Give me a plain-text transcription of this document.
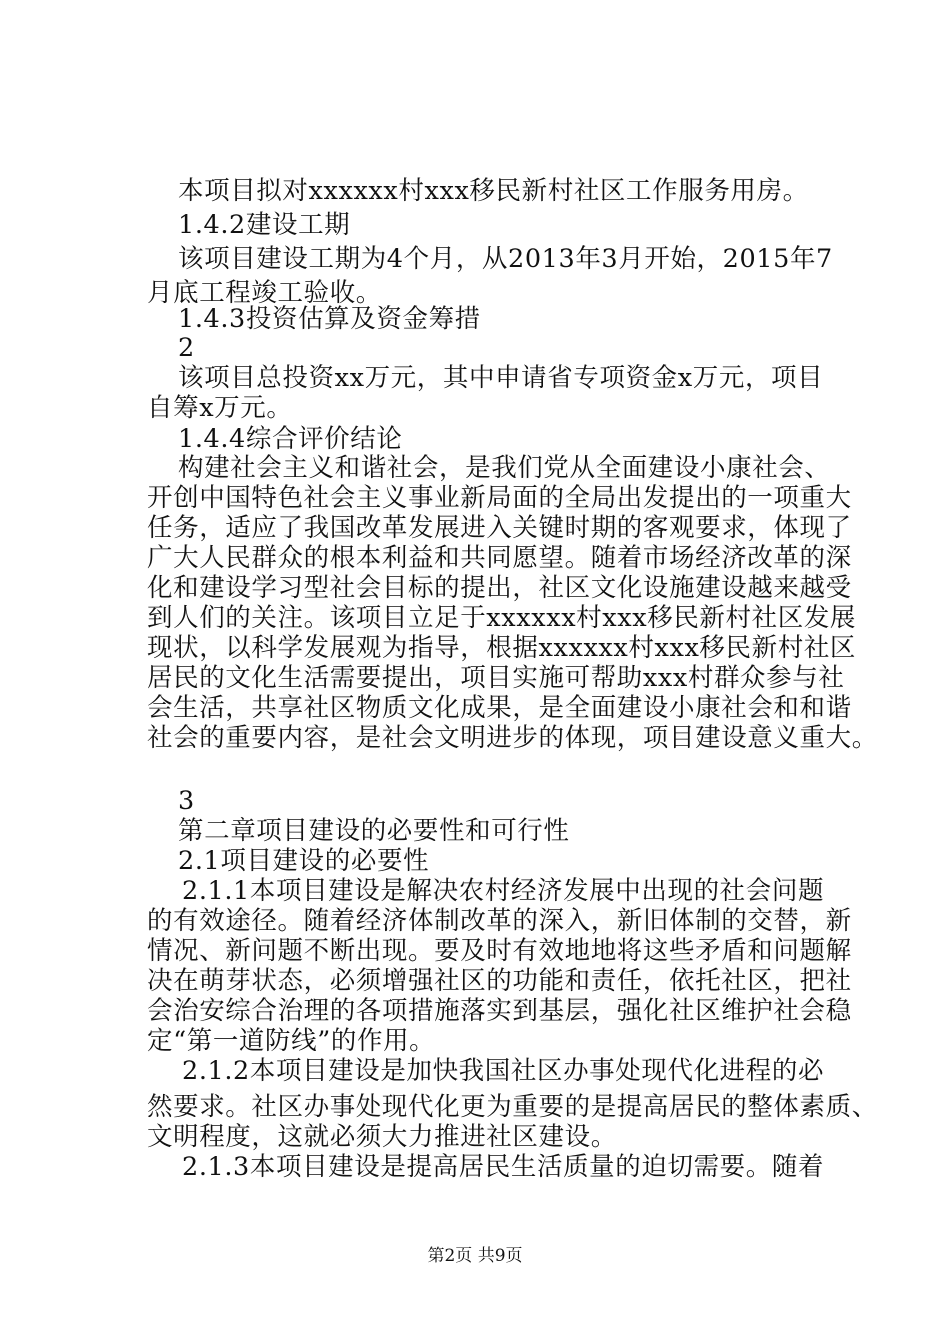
本项目拟对xxxxxx村xxx移民新村社区工作服务用房。
1.4.2建设工期
该项目建设工期为4个月，从2013年3月开始，2015年7
月底工程竣工验收。
1.4.3投资估算及资金筹措
2
该项目总投资xx万元，其中申请省专项资金x万元，项目
自筹x万元。
1.4.4综合评价结论
构建社会主义和谐社会，是我们党从全面建设小康社会、
开创中国特色社会主义事业新局面的全局出发提出的一项重大
任务，适应了我国改革发展进入关键时期的客观要求，体现了
广大人民群众的根本利益和共同愿望。随着市场经济改革的深
化和建设学习型社会目标的提出，社区文化设施建设越来越受
到人们的关注。该项目立足于xxxxxx村xxx移民新村社区发展
现状，以科学发展观为指导，根据xxxxxx村xxx移民新村社区
居民的文化生活需要提出，项目实施可帮助xxx村群众参与社
会生活，共享社区物质文化成果，是全面建设小康社会和和谐
社会的重要内容，是社会文明进步的体现，项目建设意义重大。
3
第二章项目建设的必要性和可行性
2.1项目建设的必要性
2.1.1本项目建设是解决农村经济发展中出现的社会问题
的有效途径。随着经济体制改革的深入，新旧体制的交替，新
情况、新问题不断出现。要及时有效地地将这些矛盾和问题解
决在萌芽状态，必须增强社区的功能和责任，依托社区，把社
会治安综合治理的各项措施落实到基层，强化社区维护社会稳
定“第一道防线”的作用。
2.1.2本项目建设是加快我国社区办事处现代化进程的必
然要求。社区办事处现代化更为重要的是提高居民的整体素质、
文明程度，这就必须大力推进社区建设。
2.1.3本项目建设是提高居民生活质量的迫切需要。随着
第2页 共9页
